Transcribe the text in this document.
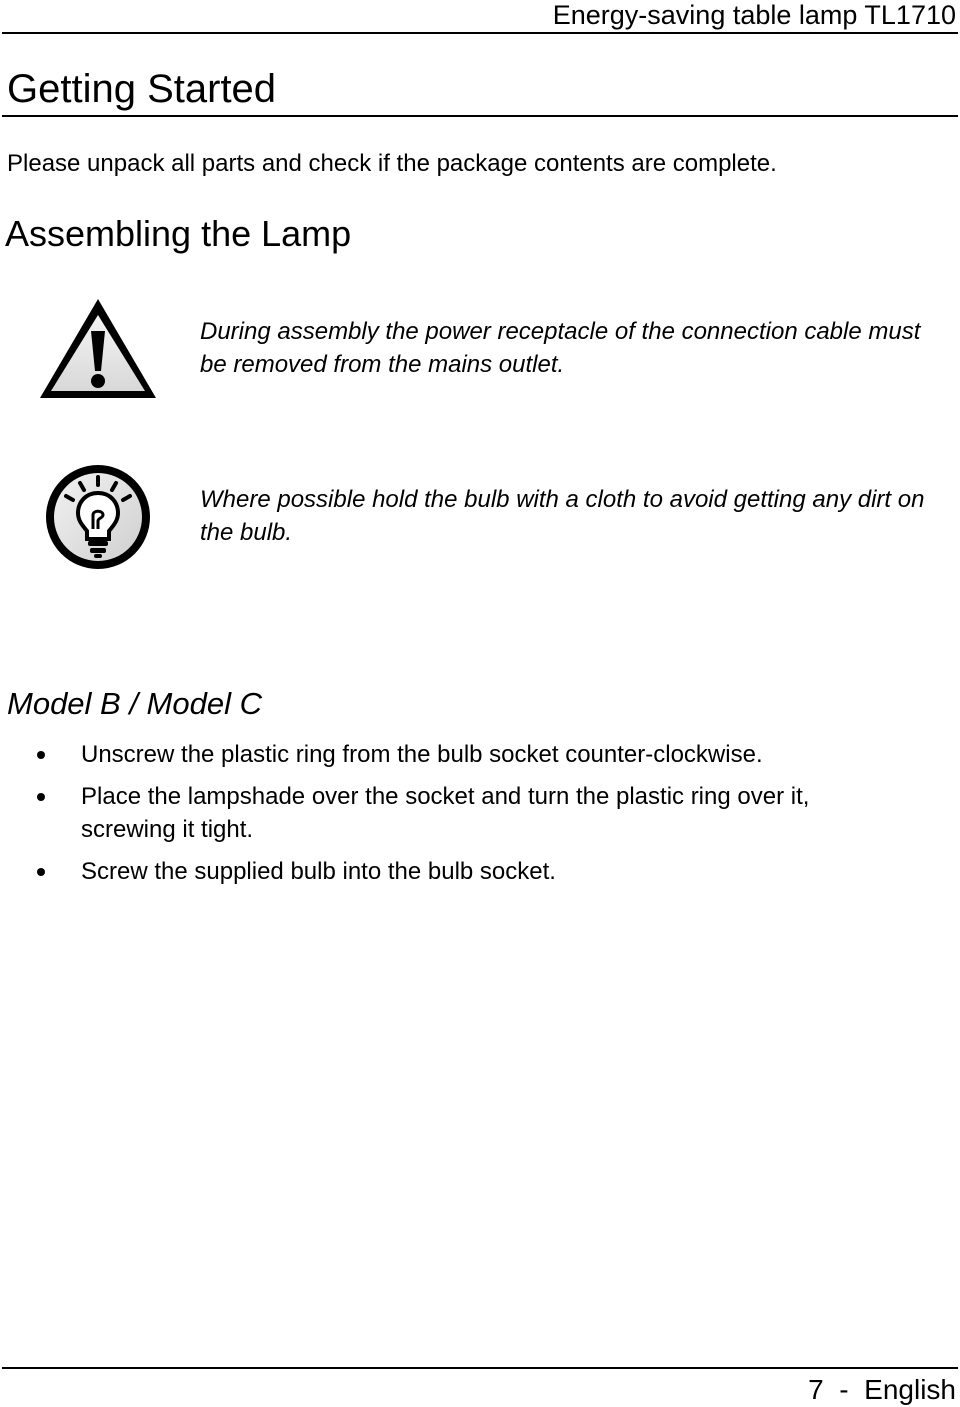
Energy-saving table lamp TL1710
Getting Started
Please unpack all parts and check if the package contents are complete.
Assembling the Lamp
During assembly the power receptacle of the connection cable must be removed from the mains outlet.
Where possible hold the bulb with a cloth to avoid getting any dirt on the bulb.
Model B / Model C
Unscrew the plastic ring from the bulb socket counter-clockwise.
Place the lampshade over the socket and turn the plastic ring over it, screwing it tight.
Screw the supplied bulb into the bulb socket.
7  -  English
